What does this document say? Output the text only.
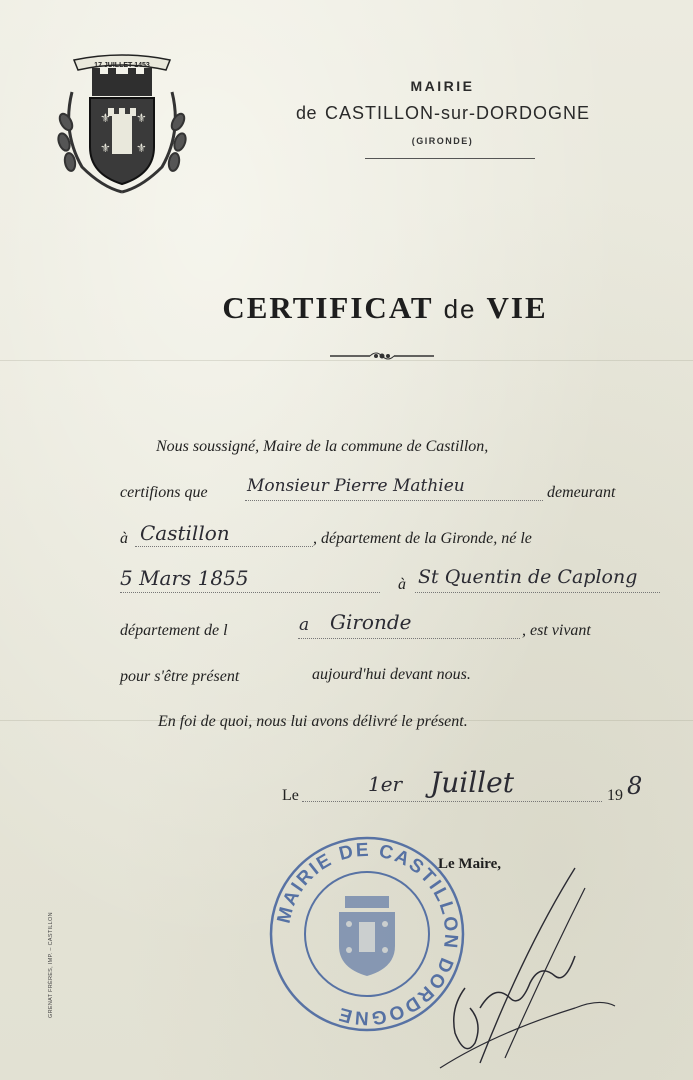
17 JUILLET 1453
⚜ ⚜
⚜ ⚜
MAIRIE
de CASTILLON-sur-DORDOGNE
(GIRONDE)
CERTIFICAT de VIE
Nous soussigné, Maire de la commune de Castillon,
certifions que Monsieur Pierre Mathieu	demeurant
à Castillon	, département de la Gironde, né le
5 Mars 1855	à St Quentin de Caplong
département de l	a Gironde	, est vivant
pour s'être présent	aujourd'hui devant nous.
En foi de quoi, nous lui avons délivré le présent.
Le	1er Juillet	19 8
MAIRIE DE CASTILLON DORDOGNE
Le Maire,
GRENAT FRÈRES, IMP. – CASTILLON
